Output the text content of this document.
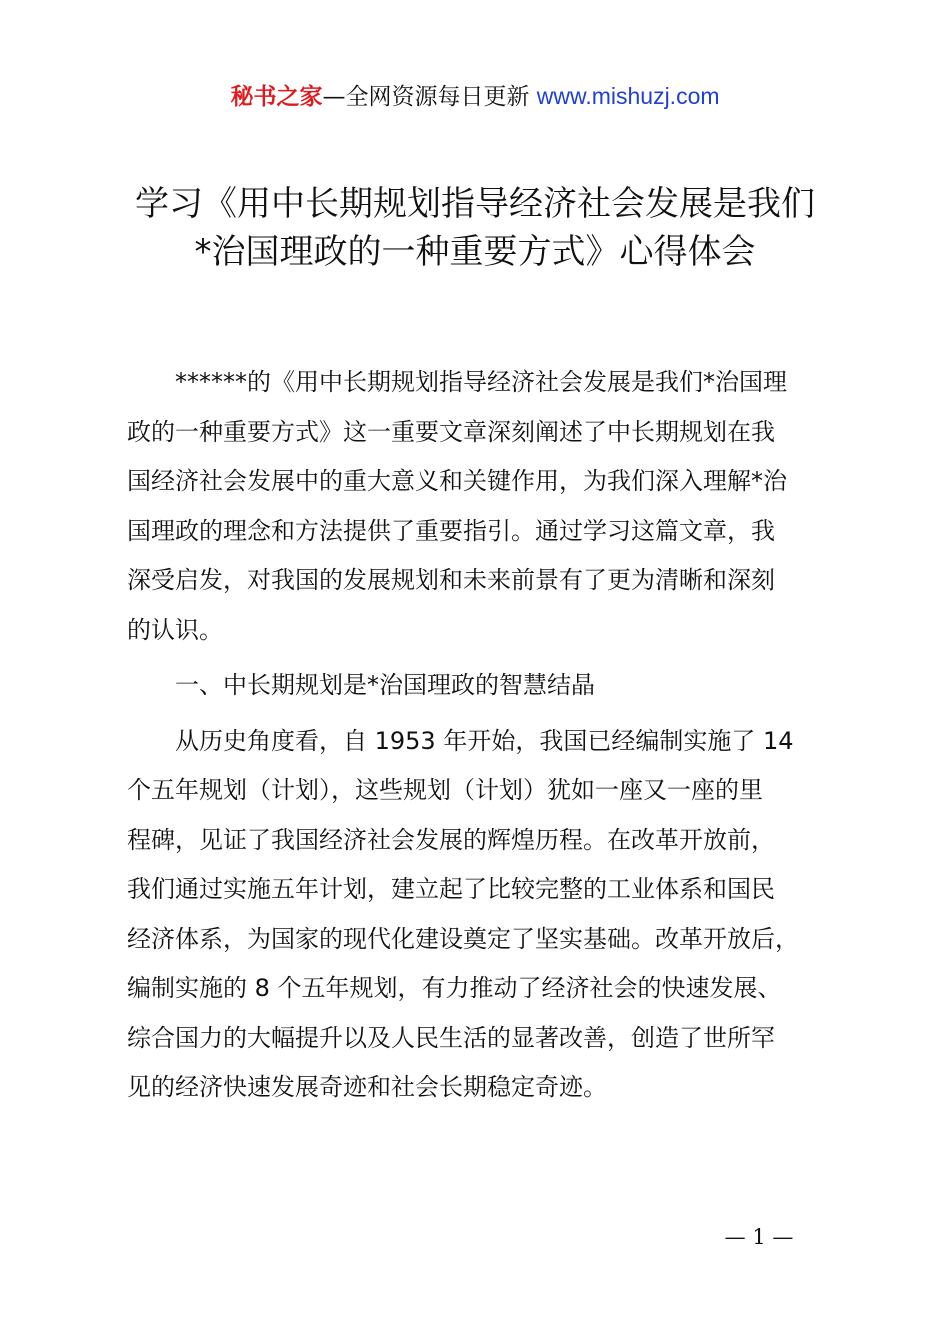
秘书之家—全网资源每日更新 www.mishuzj.com
学习《用中长期规划指导经济社会发展是我们
*治国理政的一种重要方式》心得体会

　　******的《用中长期规划指导经济社会发展是我们*治国理
政的一种重要方式》这一重要文章深刻阐述了中长期规划在我
国经济社会发展中的重大意义和关键作用，为我们深入理解*治
国理政的理念和方法提供了重要指引。通过学习这篇文章，我
深受启发，对我国的发展规划和未来前景有了更为清晰和深刻
的认识。

　　一、中长期规划是*治国理政的智慧结晶

　　从历史角度看，自 1953 年开始，我国已经编制实施了 14
个五年规划（计划），这些规划（计划）犹如一座又一座的里
程碑，见证了我国经济社会发展的辉煌历程。在改革开放前，
我们通过实施五年计划，建立起了比较完整的工业体系和国民
经济体系，为国家的现代化建设奠定了坚实基础。改革开放后，
编制实施的 8 个五年规划，有力推动了经济社会的快速发展、
综合国力的大幅提升以及人民生活的显著改善，创造了世所罕
见的经济快速发展奇迹和社会长期稳定奇迹。

— 1 —
